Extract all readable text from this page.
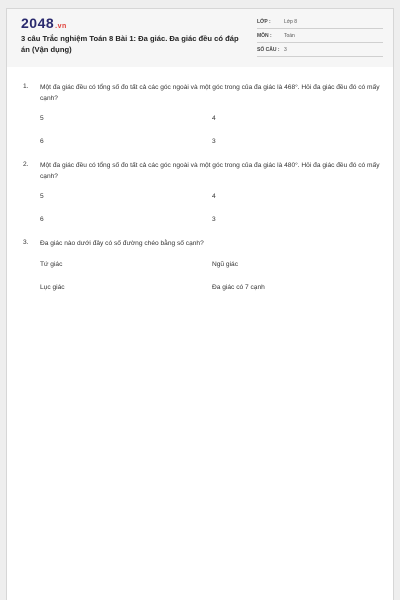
2048.vn
3 câu Trắc nghiệm Toán 8 Bài 1: Đa giác. Đa giác đều có đáp án (Vận dụng)
LỚP :	Lớp 8
MÔN :	Toán
SỐ CÂU : 3
1. Một đa giác đều có tổng số đo tất cả các góc ngoài và một góc trong của đa giác là 468°. Hỏi đa giác đều đó có mấy cạnh?
5	4
6	3
2. Một đa giác đều có tổng số đo tất cả các góc ngoài và một góc trong của đa giác là 480°. Hỏi đa giác đều đó có mấy cạnh?
5	4
6	3
3. Đa giác nào dưới đây có số đường chéo bằng số cạnh?
Tứ giác	Ngũ giác
Lục giác	Đa giác có 7 cạnh
